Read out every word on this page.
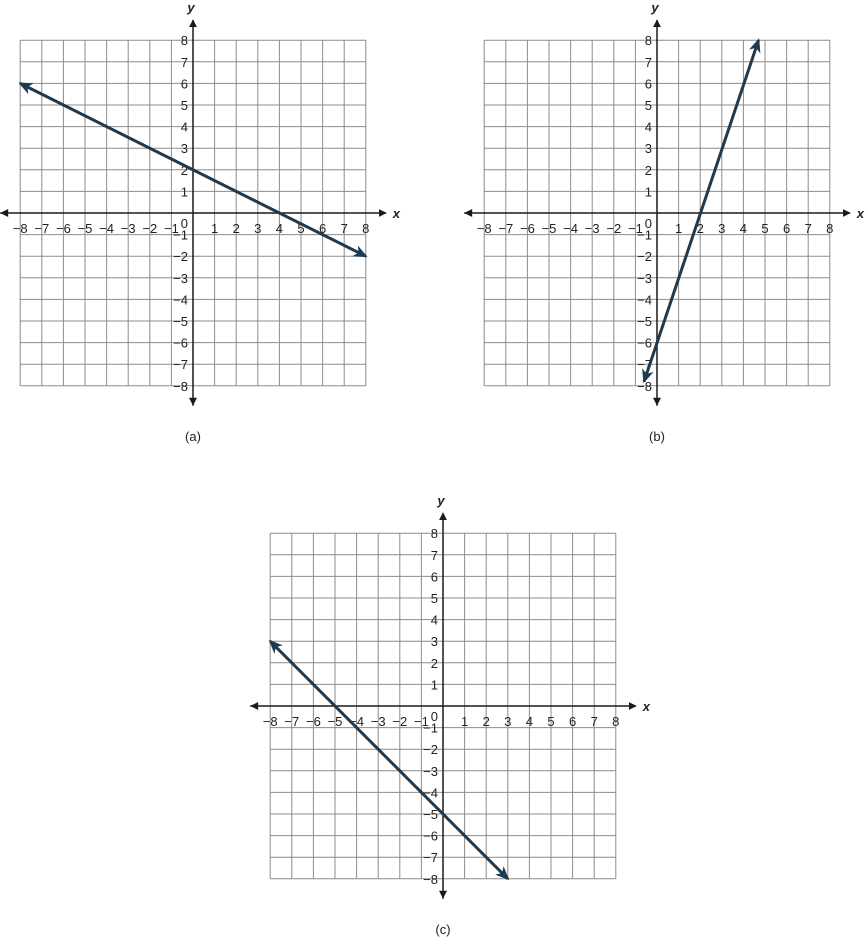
−8 −7 −6 −5 −4 −3 −2 −1 1 2 3 4 5 6 7 8
−8
−7
−6
−5
−4
−3
−2
−1
1
2
3
4
5
6
7
8
0
x
y
(a)
−8 −7 −6 −5 −4 −3 −2 −1 1 2 3 4 5 6 7 8
−8
−7
−6
−5
−4
−3
−2
−1
1
2
3
4
5
6
7
8
0
x
y
(b)
−8 −7 −6 −5 −4 −3 −2 −1 1 2 3 4 5 6 7 8
−8
−7
−6
−5
−4
−3
−2
−1
1
2
3
4
5
6
7
8
0
x
y
(c)
